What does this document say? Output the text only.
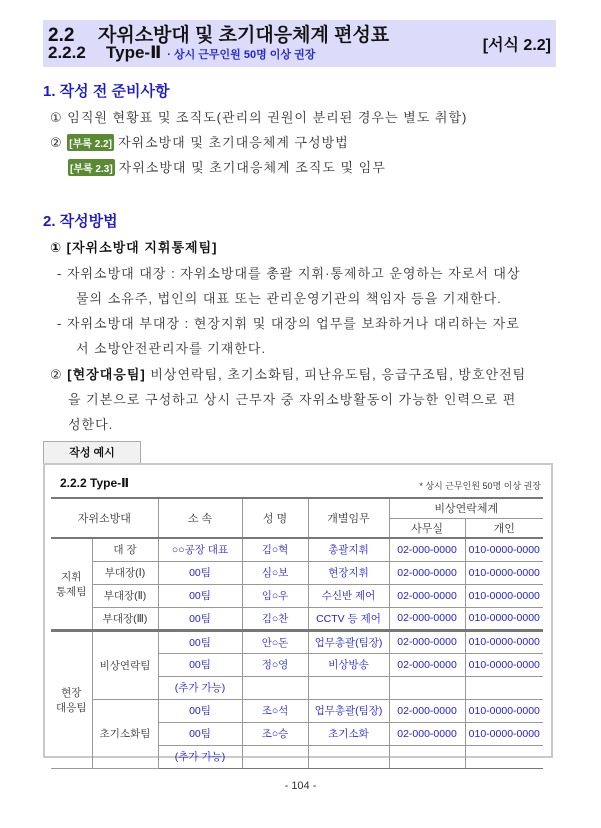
2.2 자위소방대 및 초기대응체계 편성표
2.2.2 Type-Ⅱ · 상시 근무인원 50명 이상 권장
[서식 2.2]
1. 작성 전 준비사항
① 임직원 현황표 및 조직도(관리의 권원이 분리된 경우는 별도 취합)
② [부록 2.2] 자위소방대 및 초기대응체계 구성방법
[부록 2.3] 자위소방대 및 초기대응체계 조직도 및 임무
2. 작성방법
① [자위소방대 지휘통제팀]
- 자위소방대 대장 : 자위소방대를 총괄 지휘·통제하고 운영하는 자로서 대상
물의 소유주, 법인의 대표 또는 관리운영기관의 책임자 등을 기재한다.
- 자위소방대 부대장 : 현장지휘 및 대장의 업무를 보좌하거나 대리하는 자로
서 소방안전관리자를 기재한다.
② [현장대응팀] 비상연락팀, 초기소화팀, 피난유도팀, 응급구조팀, 방호안전팀
을 기본으로 구성하고 상시 근무자 중 자위소방활동이 가능한 인력으로 편
성한다.
작성 예시
2.2.2 Type-Ⅱ	* 상시 근무인원 50명 이상 권장
자위소방대		소 속	성 명	개별임무	비상연락체계	
					사무실	개인
지휘
통제팀	대 장	○○공장 대표	김○혁	총괄지휘	02-000-0000	010-0000-0000
	부대장(Ⅰ)	00팀	심○보	현장지휘	02-000-0000	010-0000-0000
	부대장(Ⅱ)	00팀	임○우	수신반 제어	02-000-0000	010-0000-0000
	부대장(Ⅲ)	00팀	김○찬	CCTV 등 제어	02-000-0000	010-0000-0000
현장
대응팀	비상연락팀	00팀	안○돈	업무총괄(팀장)	02-000-0000	010-0000-0000
		00팀	정○영	비상방송	02-000-0000	010-0000-0000
		(추가 가능)				
	초기소화팀	00팀	조○석	업무총괄(팀장)	02-000-0000	010-0000-0000
		00팀	조○승	초기소화	02-000-0000	010-0000-0000
		(추가 가능)				
- 104 -
